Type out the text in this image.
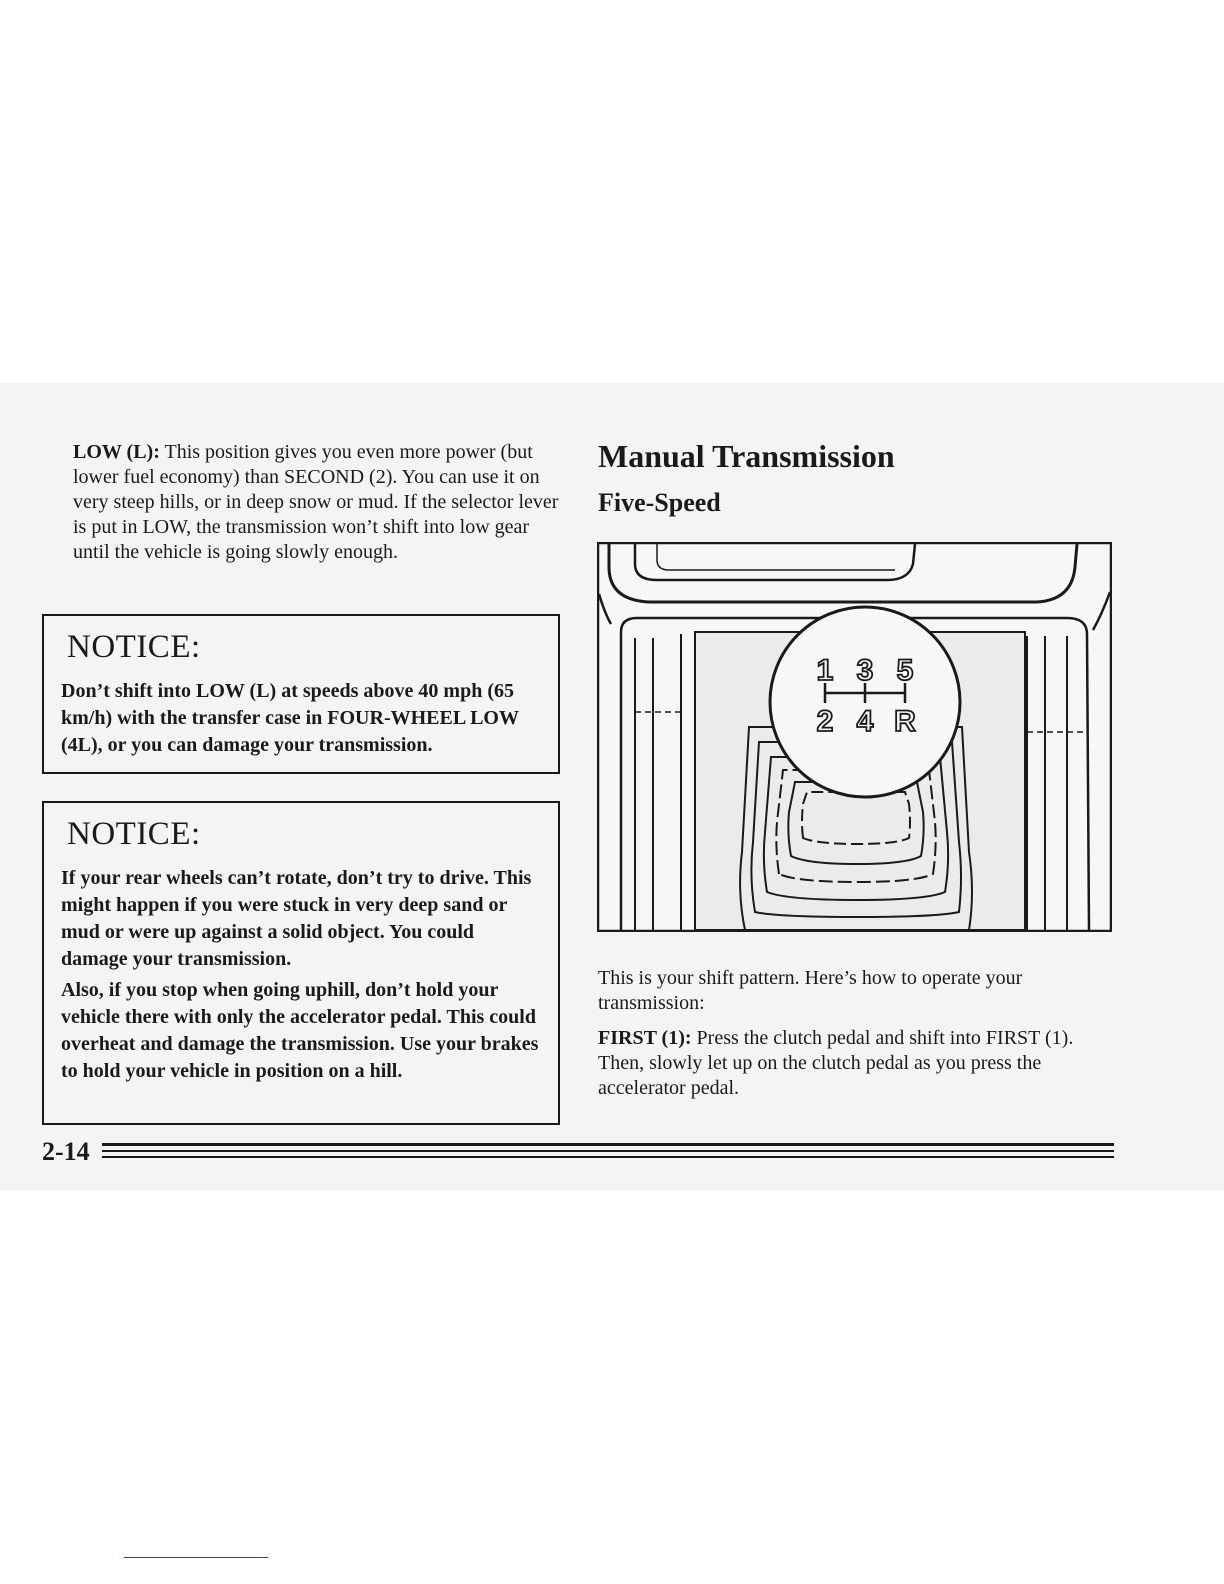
LOW (L): This position gives you even more power (but lower fuel economy) than SECOND (2). You can use it on very steep hills, or in deep snow or mud. If the selector lever is put in LOW, the transmission won’t shift into low gear until the vehicle is going slowly enough.

NOTICE:

Don’t shift into LOW (L) at speeds above 40 mph (65 km/h) with the transfer case in FOUR-WHEEL LOW (4L), or you can damage your transmission.

NOTICE:

If your rear wheels can’t rotate, don’t try to drive. This might happen if you were stuck in very deep sand or mud or were up against a solid object. You could damage your transmission.

Also, if you stop when going uphill, don’t hold your vehicle there with only the accelerator pedal. This could overheat and damage the transmission. Use your brakes to hold your vehicle in position on a hill.

Manual Transmission
Five-Speed
1 3 5
2 4 R

This is your shift pattern. Here’s how to operate your transmission:

FIRST (1): Press the clutch pedal and shift into FIRST (1). Then, slowly let up on the clutch pedal as you press the accelerator pedal.

2-14
